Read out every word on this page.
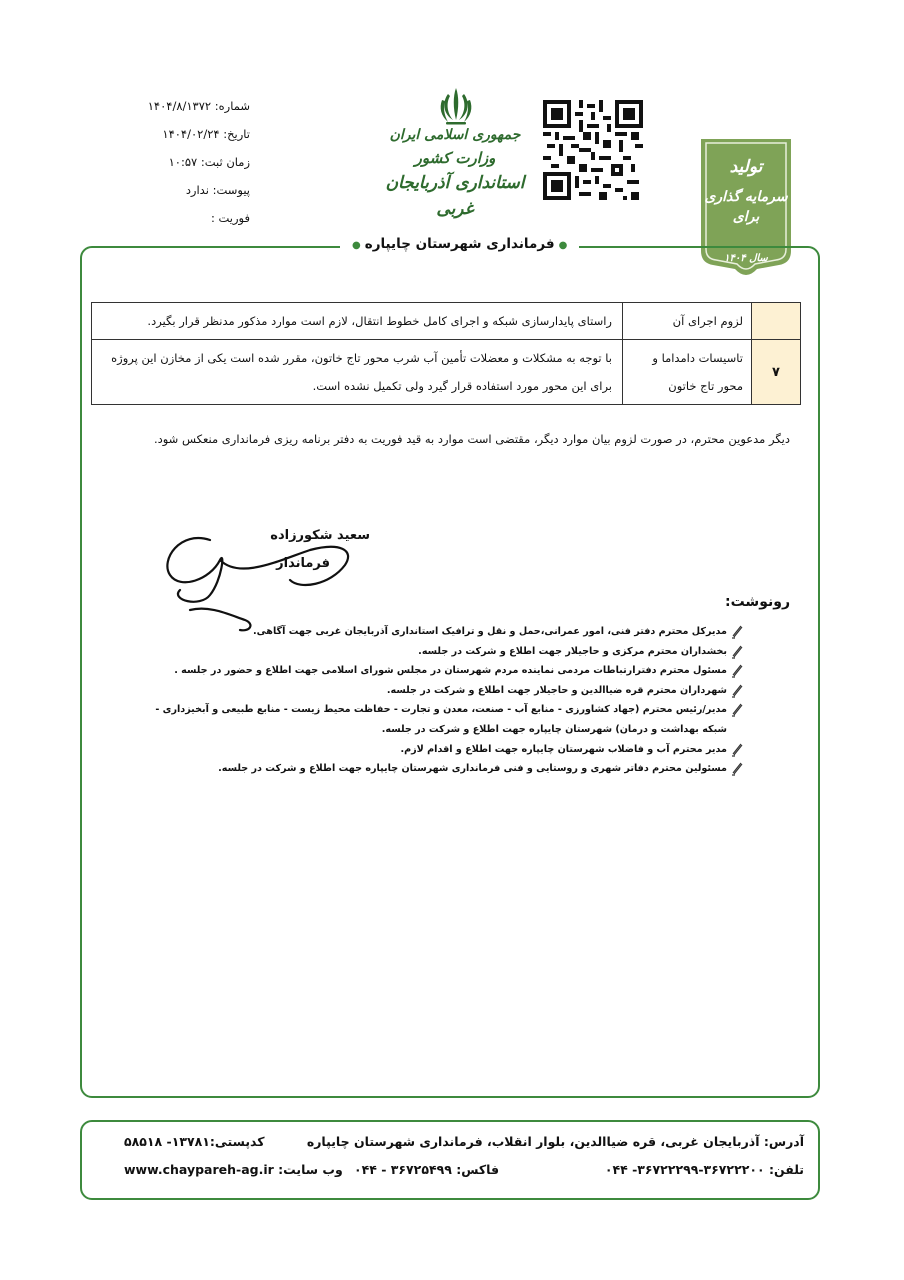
شماره: ۱۴۰۴/۸/۱۳۷۲
تاریخ: ۱۴۰۴/۰۲/۲۴
زمان ثبت: ۱۰:۵۷
پیوست: ندارد
فوریت :
جمهوری اسلامی ایران
وزارت کشور
استانداری آذربایجان غربی
تولید
سرمایه گذاری برای
سال ۱۴۰۴
●فرمانداری شهرستان چایپاره●
	لزوم اجرای آن	راستای پایدارسازی شبکه و اجرای کامل خطوط انتقال، لازم است موارد مذکور مدنظر قرار بگیرد.
۷	تاسیسات دامداما و محور تاج خاتون	با توجه به مشکلات و معضلات تأمین آب شرب محور تاج خاتون، مقرر شده است یکی از مخازن این پروژه برای این محور مورد استفاده قرار گیرد ولی تکمیل نشده است.
دیگر مدعوین محترم، در صورت لزوم بیان موارد دیگر، مقتضی است موارد به قید فوریت به دفتر برنامه ریزی فرمانداری منعکس شود.
سعید شکورزاده
فرماندار
رونوشت:
مدیرکل محترم دفتر فنی، امور عمرانی،حمل و نقل و ترافیک استانداری آذربایجان غربی جهت آگاهی.
بخشداران محترم مرکزی و حاجیلار جهت اطلاع و شرکت در جلسه.
مسئول محترم دفترارتباطات مردمی نماینده مردم شهرستان در مجلس شورای اسلامی جهت اطلاع و حضور در جلسه .
شهرداران محترم قره ضیاالدین و حاجیلار جهت اطلاع و شرکت در جلسه.
مدیر/رئیس محترم (جهاد کشاورزی - منابع آب - صنعت، معدن و تجارت - حفاظت محیط زیست - منابع طبیعی و آبخیزداری - شبکه بهداشت و درمان) شهرستان چایپاره جهت اطلاع و شرکت در جلسه.
مدیر محترم آب و فاضلاب شهرستان چایپاره جهت اطلاع و اقدام لازم.
مسئولین محترم دفاتر شهری و روستایی و فنی فرمانداری شهرستان چایپاره جهت اطلاع و شرکت در جلسه.
آدرس: آذربایجان غربی، قره ضیاالدین، بلوار انقلاب، فرمانداری شهرستان چایپاره
کدپستی:۱۳۷۸۱- ۵۸۵۱۸
تلفن: ۳۶۷۲۲۲۰۰-۳۶۷۲۲۲۹۹- ۰۴۴
فاکس: ۳۶۷۲۵۴۹۹ - ۰۴۴
وب سایت: www.chaypareh-ag.ir
